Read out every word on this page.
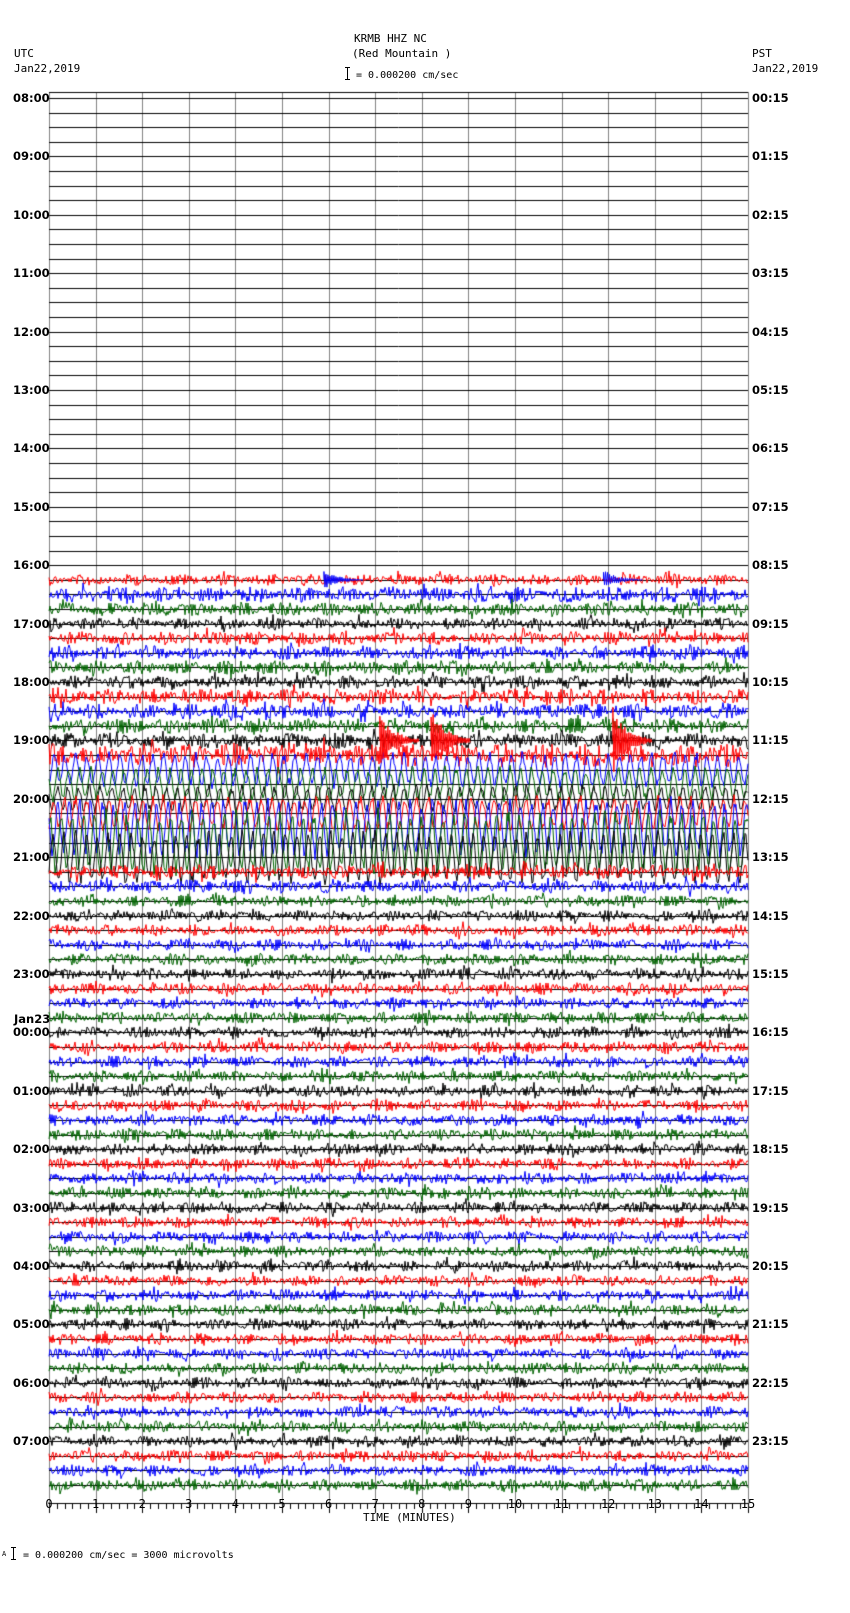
08:00
09:00
10:00
11:00
12:00
13:00
14:00
15:00
16:00
17:00
18:00
19:00
20:00
21:00
22:00
23:00
Jan23
00:00
01:00
02:00
03:00
04:00
05:00
06:00
07:00
00:15
01:15
02:15
03:15
04:15
05:15
06:15
07:15
08:15
09:15
10:15
11:15
12:15
13:15
14:15
15:15
16:15
17:15
18:15
19:15
20:15
21:15
22:15
23:15
0	1	2	3	4	5	6	7	8	9	10	11	12	13	14	15
TIME (MINUTES)
A = 0.000200 cm/sec = 3000 microvolts
